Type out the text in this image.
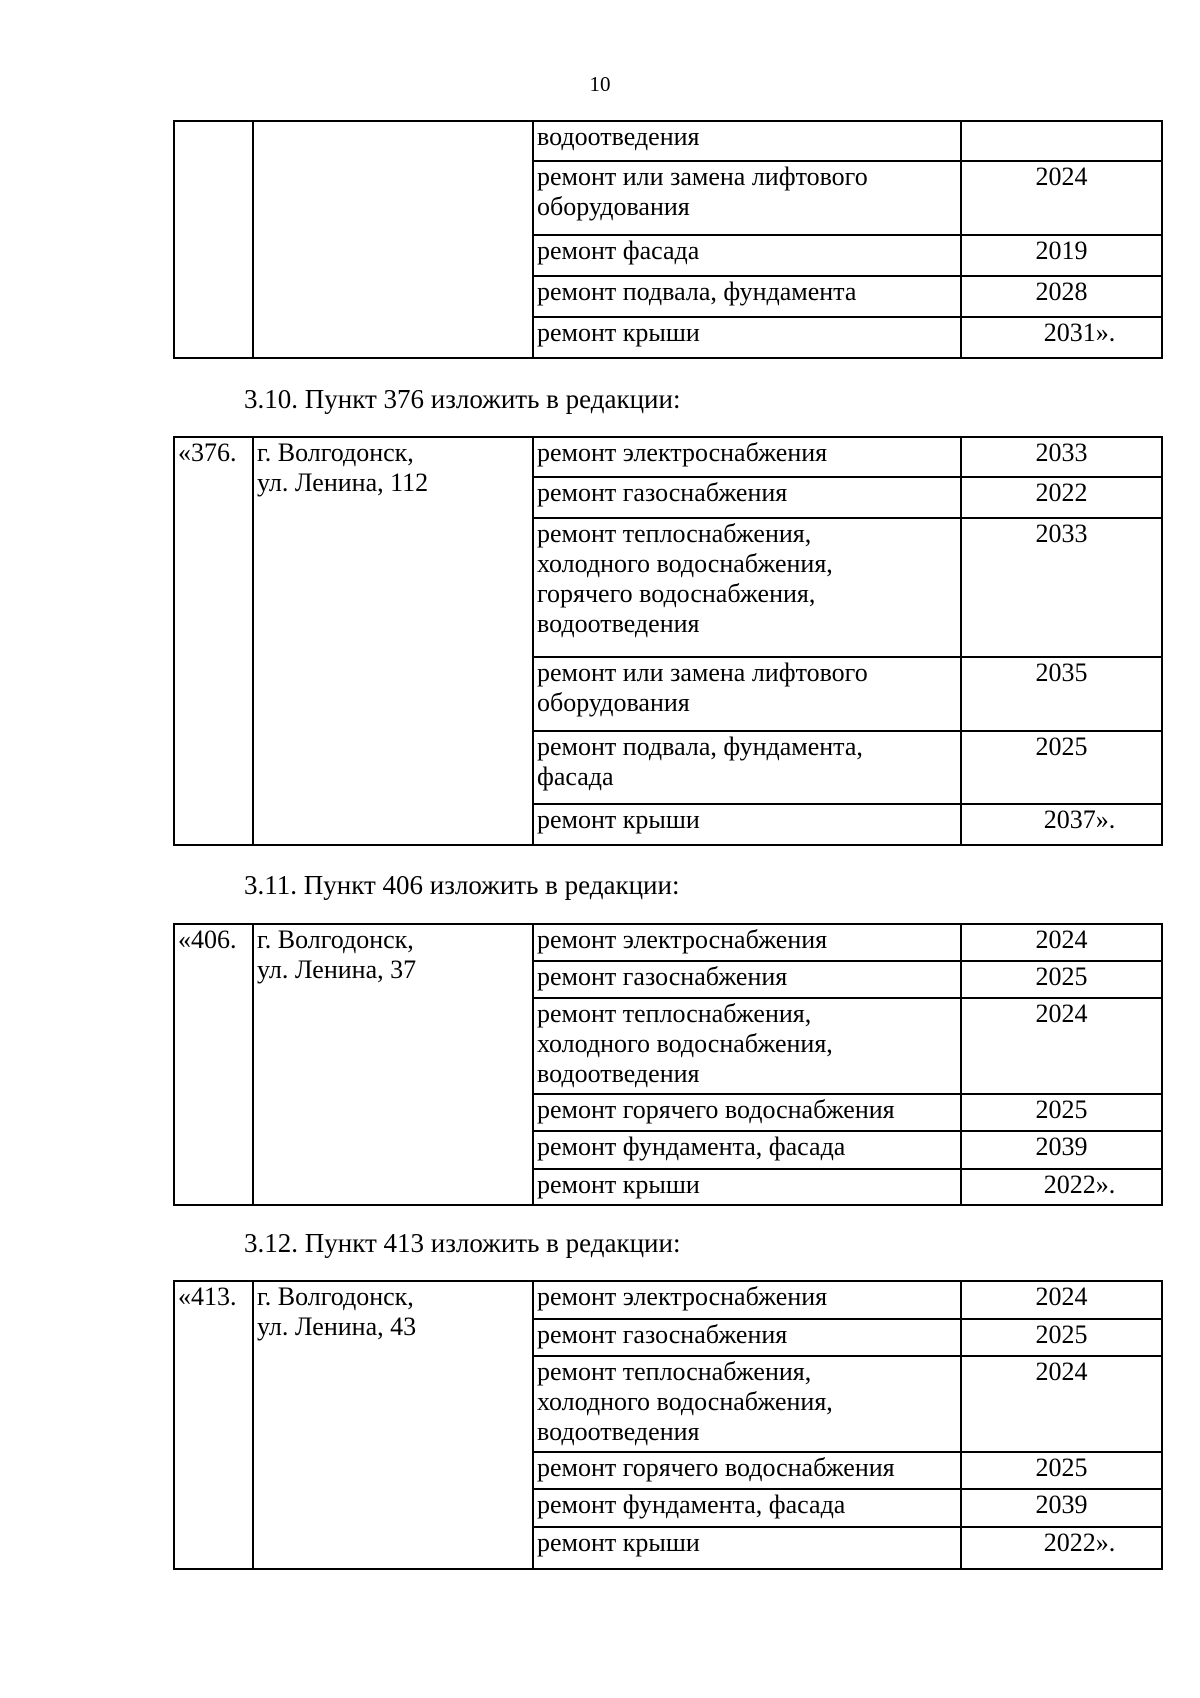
10
		водоотведения	
		ремонт или замена лифтового
оборудования	2024
		ремонт фасада	2019
		ремонт подвала, фундамента	2028
		ремонт крыши	2031».
3.10. Пункт 376 изложить в редакции:
«376.	г. Волгодонск,
ул. Ленина, 112	ремонт электроснабжения	2033
		ремонт газоснабжения	2022
		ремонт теплоснабжения,
холодного водоснабжения,
горячего водоснабжения,
водоотведения	2033
		ремонт или замена лифтового
оборудования	2035
		ремонт подвала, фундамента,
фасада	2025
		ремонт крыши	2037».
3.11. Пункт 406 изложить в редакции:
«406.	г. Волгодонск,
ул. Ленина, 37	ремонт электроснабжения	2024
		ремонт газоснабжения	2025
		ремонт теплоснабжения,
холодного водоснабжения,
водоотведения	2024
		ремонт горячего водоснабжения	2025
		ремонт фундамента, фасада	2039
		ремонт крыши	2022».
3.12. Пункт 413 изложить в редакции:
«413.	г. Волгодонск,
ул. Ленина, 43	ремонт электроснабжения	2024
		ремонт газоснабжения	2025
		ремонт теплоснабжения,
холодного водоснабжения,
водоотведения	2024
		ремонт горячего водоснабжения	2025
		ремонт фундамента, фасада	2039
		ремонт крыши	2022».
